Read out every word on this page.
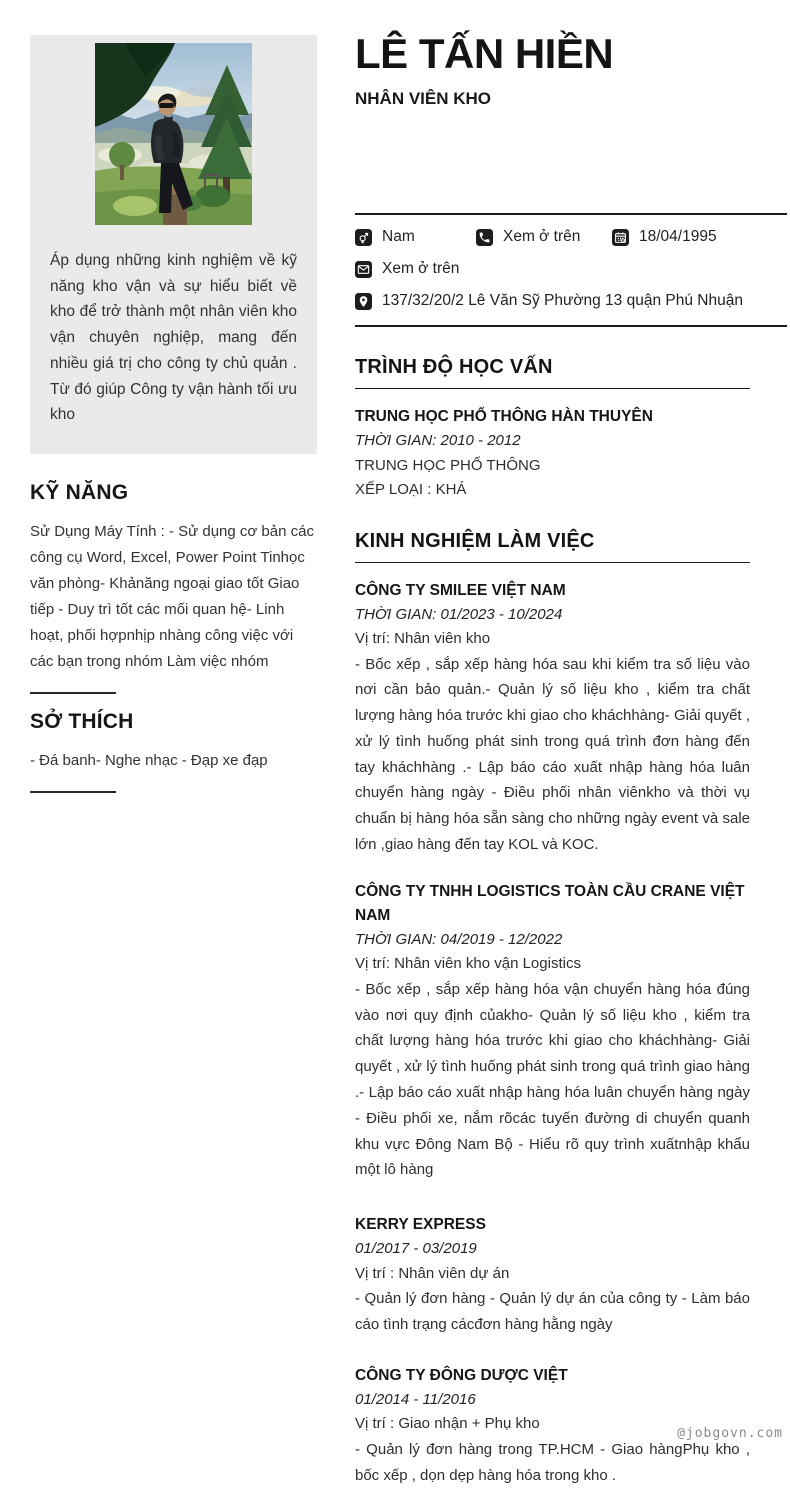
Áp dụng những kinh nghiệm về kỹ năng kho vận và sự hiểu biết về kho để trở thành một nhân viên kho vận chuyên nghiệp, mang đến nhiều giá trị cho công ty chủ quản . Từ đó giúp Công ty vận hành tối ưu kho

KỸ NĂNG

Sử Dụng Máy Tính : - Sử dụng cơ bản các công cụ Word, Excel, Power Point Tinhọc văn phòng- Khảnăng ngoại giao tốt Giao tiếp - Duy trì tốt các mối quan hệ- Linh hoạt, phối hợpnhịp nhàng công việc với các bạn trong nhóm Làm việc nhóm

SỞ THÍCH

- Đá banh- Nghe nhạc - Đạp xe đạp

LÊ TẤN HIỀN
NHÂN VIÊN KHO
Nam	Xem ở trên	18/04/1995
Xem ở trên
137/32/20/2 Lê Văn Sỹ Phường 13 quận Phú Nhuận
TRÌNH ĐỘ HỌC VẤN
TRUNG HỌC PHỔ THÔNG HÀN THUYÊN
THỜI GIAN: 2010 - 2012
TRUNG HỌC PHỔ THÔNG
XẾP LOẠI : KHÁ
KINH NGHIỆM LÀM VIỆC
CÔNG TY SMILEE VIỆT NAM
THỜI GIAN: 01/2023 - 10/2024
Vị trí: Nhân viên kho
- Bốc xếp , sắp xếp hàng hóa sau khi kiểm tra số liệu vào nơi cần bảo quản.- Quản lý số liệu kho , kiểm tra chất lượng hàng hóa trước khi giao cho kháchhàng- Giải quyết , xử lý tình huống phát sinh trong quá trình đơn hàng đến tay kháchhàng .- Lập báo cáo xuất nhập hàng hóa luân chuyển hàng ngày - Điều phối nhân viênkho và thời vụ chuẩn bị hàng hóa sẵn sàng cho những ngày event và sale lớn ,giao hàng đến tay KOL và KOC.
CÔNG TY TNHH LOGISTICS TOÀN CẦU CRANE VIỆT NAM
THỜI GIAN: 04/2019 - 12/2022
Vị trí: Nhân viên kho vận Logistics
- Bốc xếp , sắp xếp hàng hóa vận chuyển hàng hóa đúng vào nơi quy định củakho- Quản lý số liệu kho , kiểm tra chất lượng hàng hóa trước khi giao cho kháchhàng- Giải quyết , xử lý tình huống phát sinh trong quá trình giao hàng .- Lập báo cáo xuất nhập hàng hóa luân chuyển hàng ngày - Điều phối xe, nắm rõcác tuyến đường di chuyển quanh khu vực Đông Nam Bộ - Hiểu rõ quy trình xuấtnhập khẩu một lô hàng
KERRY EXPRESS
01/2017 - 03/2019
Vị trí : Nhân viên dự án
- Quản lý đơn hàng - Quản lý dự án của công ty - Làm báo cáo tình trạng cácđơn hàng hằng ngày
CÔNG TY ĐÔNG DƯỢC VIỆT
01/2014 - 11/2016
Vị trí : Giao nhận + Phụ kho
- Quản lý đơn hàng trong TP.HCM - Giao hàngPhụ kho , bốc xếp , dọn dẹp hàng hóa trong kho .
@jobgovn.com
